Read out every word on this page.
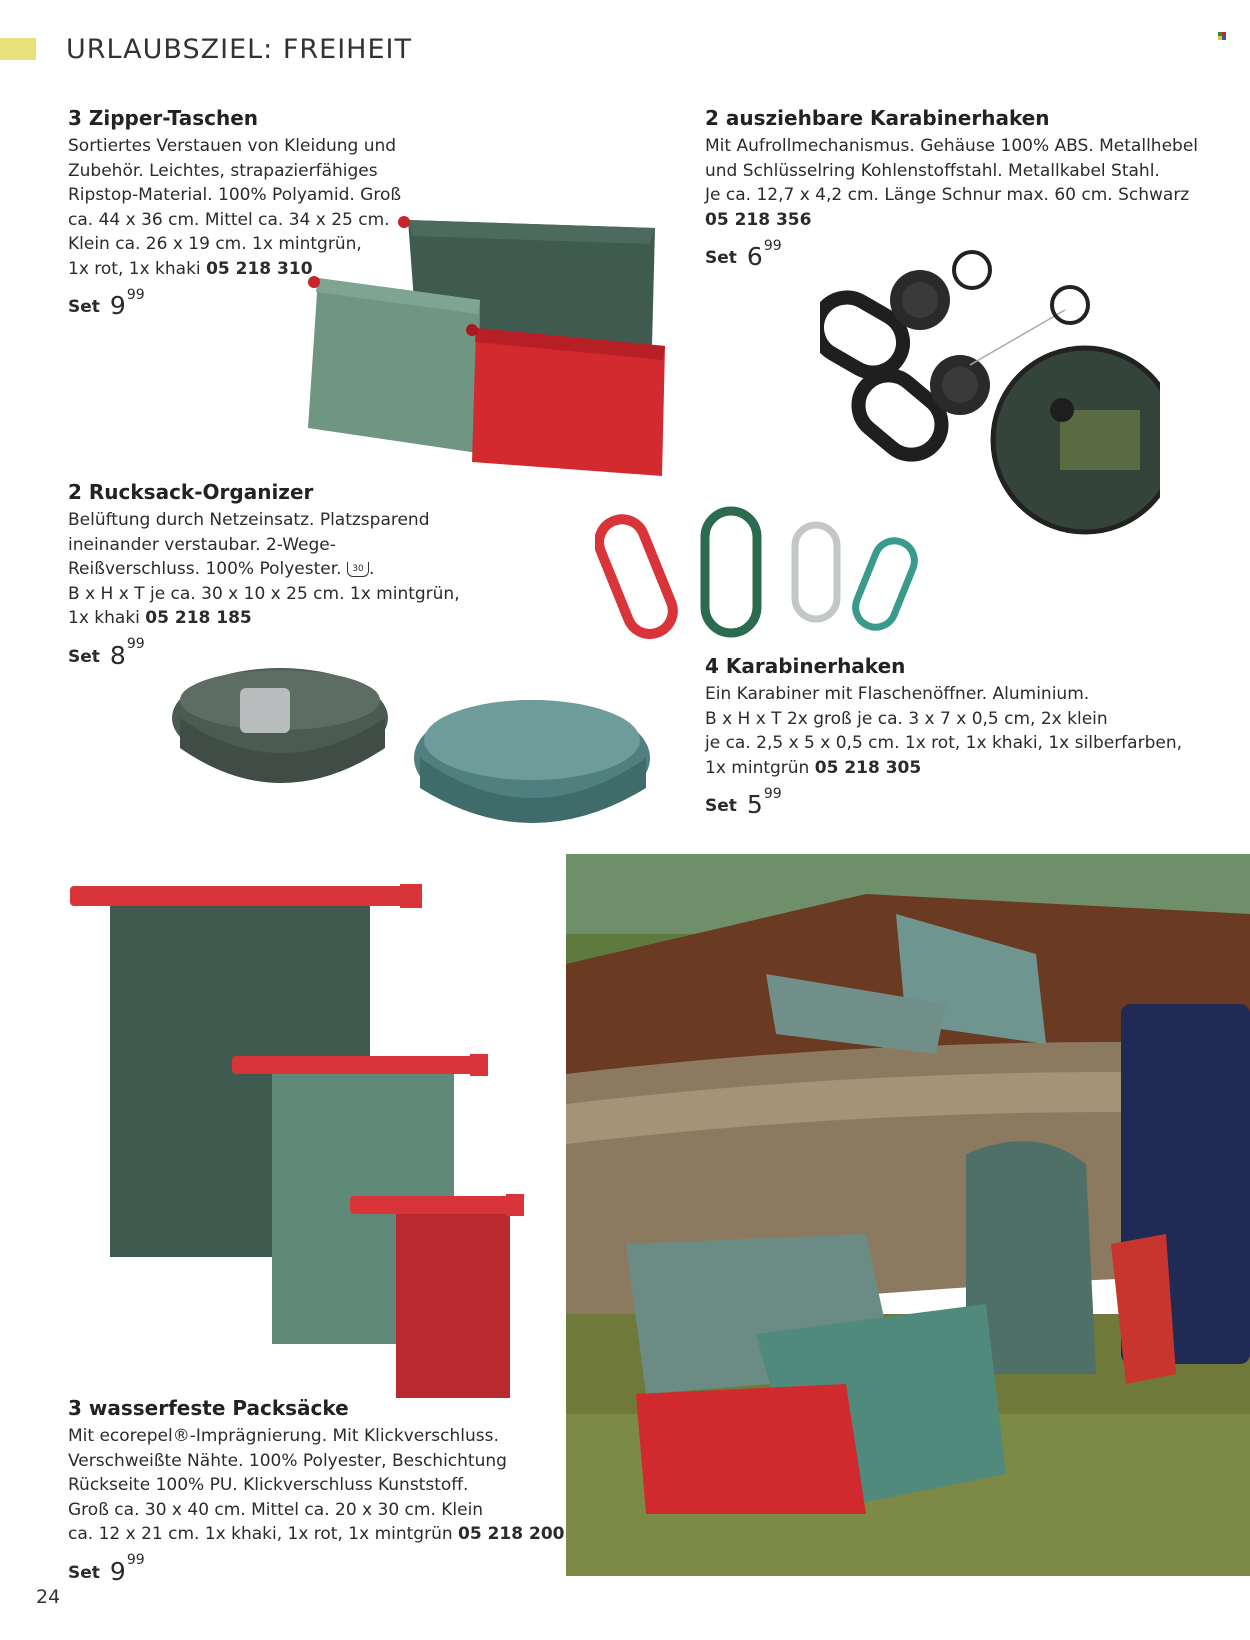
URLAUBSZIEL: FREIHEIT
3 Zipper-Taschen
Sortiertes Verstauen von Kleidung und
Zubehör. Leichtes, strapazierfähiges
Ripstop-Material. 100% Polyamid. Groß
ca. 44 x 36 cm. Mittel ca. 34 x 25 cm.
Klein ca. 26 x 19 cm. 1x mintgrün,
1x rot, 1x khaki 05 218 310
Set $9^{99}$
2 ausziehbare Karabinerhaken
Mit Aufrollmechanismus. Gehäuse 100% ABS. Metallhebel
und Schlüsselring Kohlenstoffstahl. Metallkabel Stahl.
Je ca. 12,7 x 4,2 cm. Länge Schnur max. 60 cm. Schwarz
05 218 356
Set $6^{99}$
2 Rucksack-Organizer
Belüftung durch Netzeinsatz. Platzsparend
ineinander verstaubar. 2-Wege-
Reißverschluss. 100% Polyester. 30 .
B x H x T je ca. 30 x 10 x 25 cm. 1x mintgrün,
1x khaki 05 218 185
Set $8^{99}$
4 Karabinerhaken
Ein Karabiner mit Flaschenöffner. Aluminium.
B x H x T 2x groß je ca. 3 x 7 x 0,5 cm, 2x klein
je ca. 2,5 x 5 x 0,5 cm. 1x rot, 1x khaki, 1x silberfarben,
1x mintgrün 05 218 305
Set $5^{99}$
3 wasserfeste Packsäcke
Mit ecorepel®-Imprägnierung. Mit Klickverschluss.
Verschweißte Nähte. 100% Polyester, Beschichtung
Rückseite 100% PU. Klickverschluss Kunststoff.
Groß ca. 30 x 40 cm. Mittel ca. 20 x 30 cm. Klein
ca. 12 x 21 cm. 1x khaki, 1x rot, 1x mintgrün 05 218 200
Set $9^{99}$
24
